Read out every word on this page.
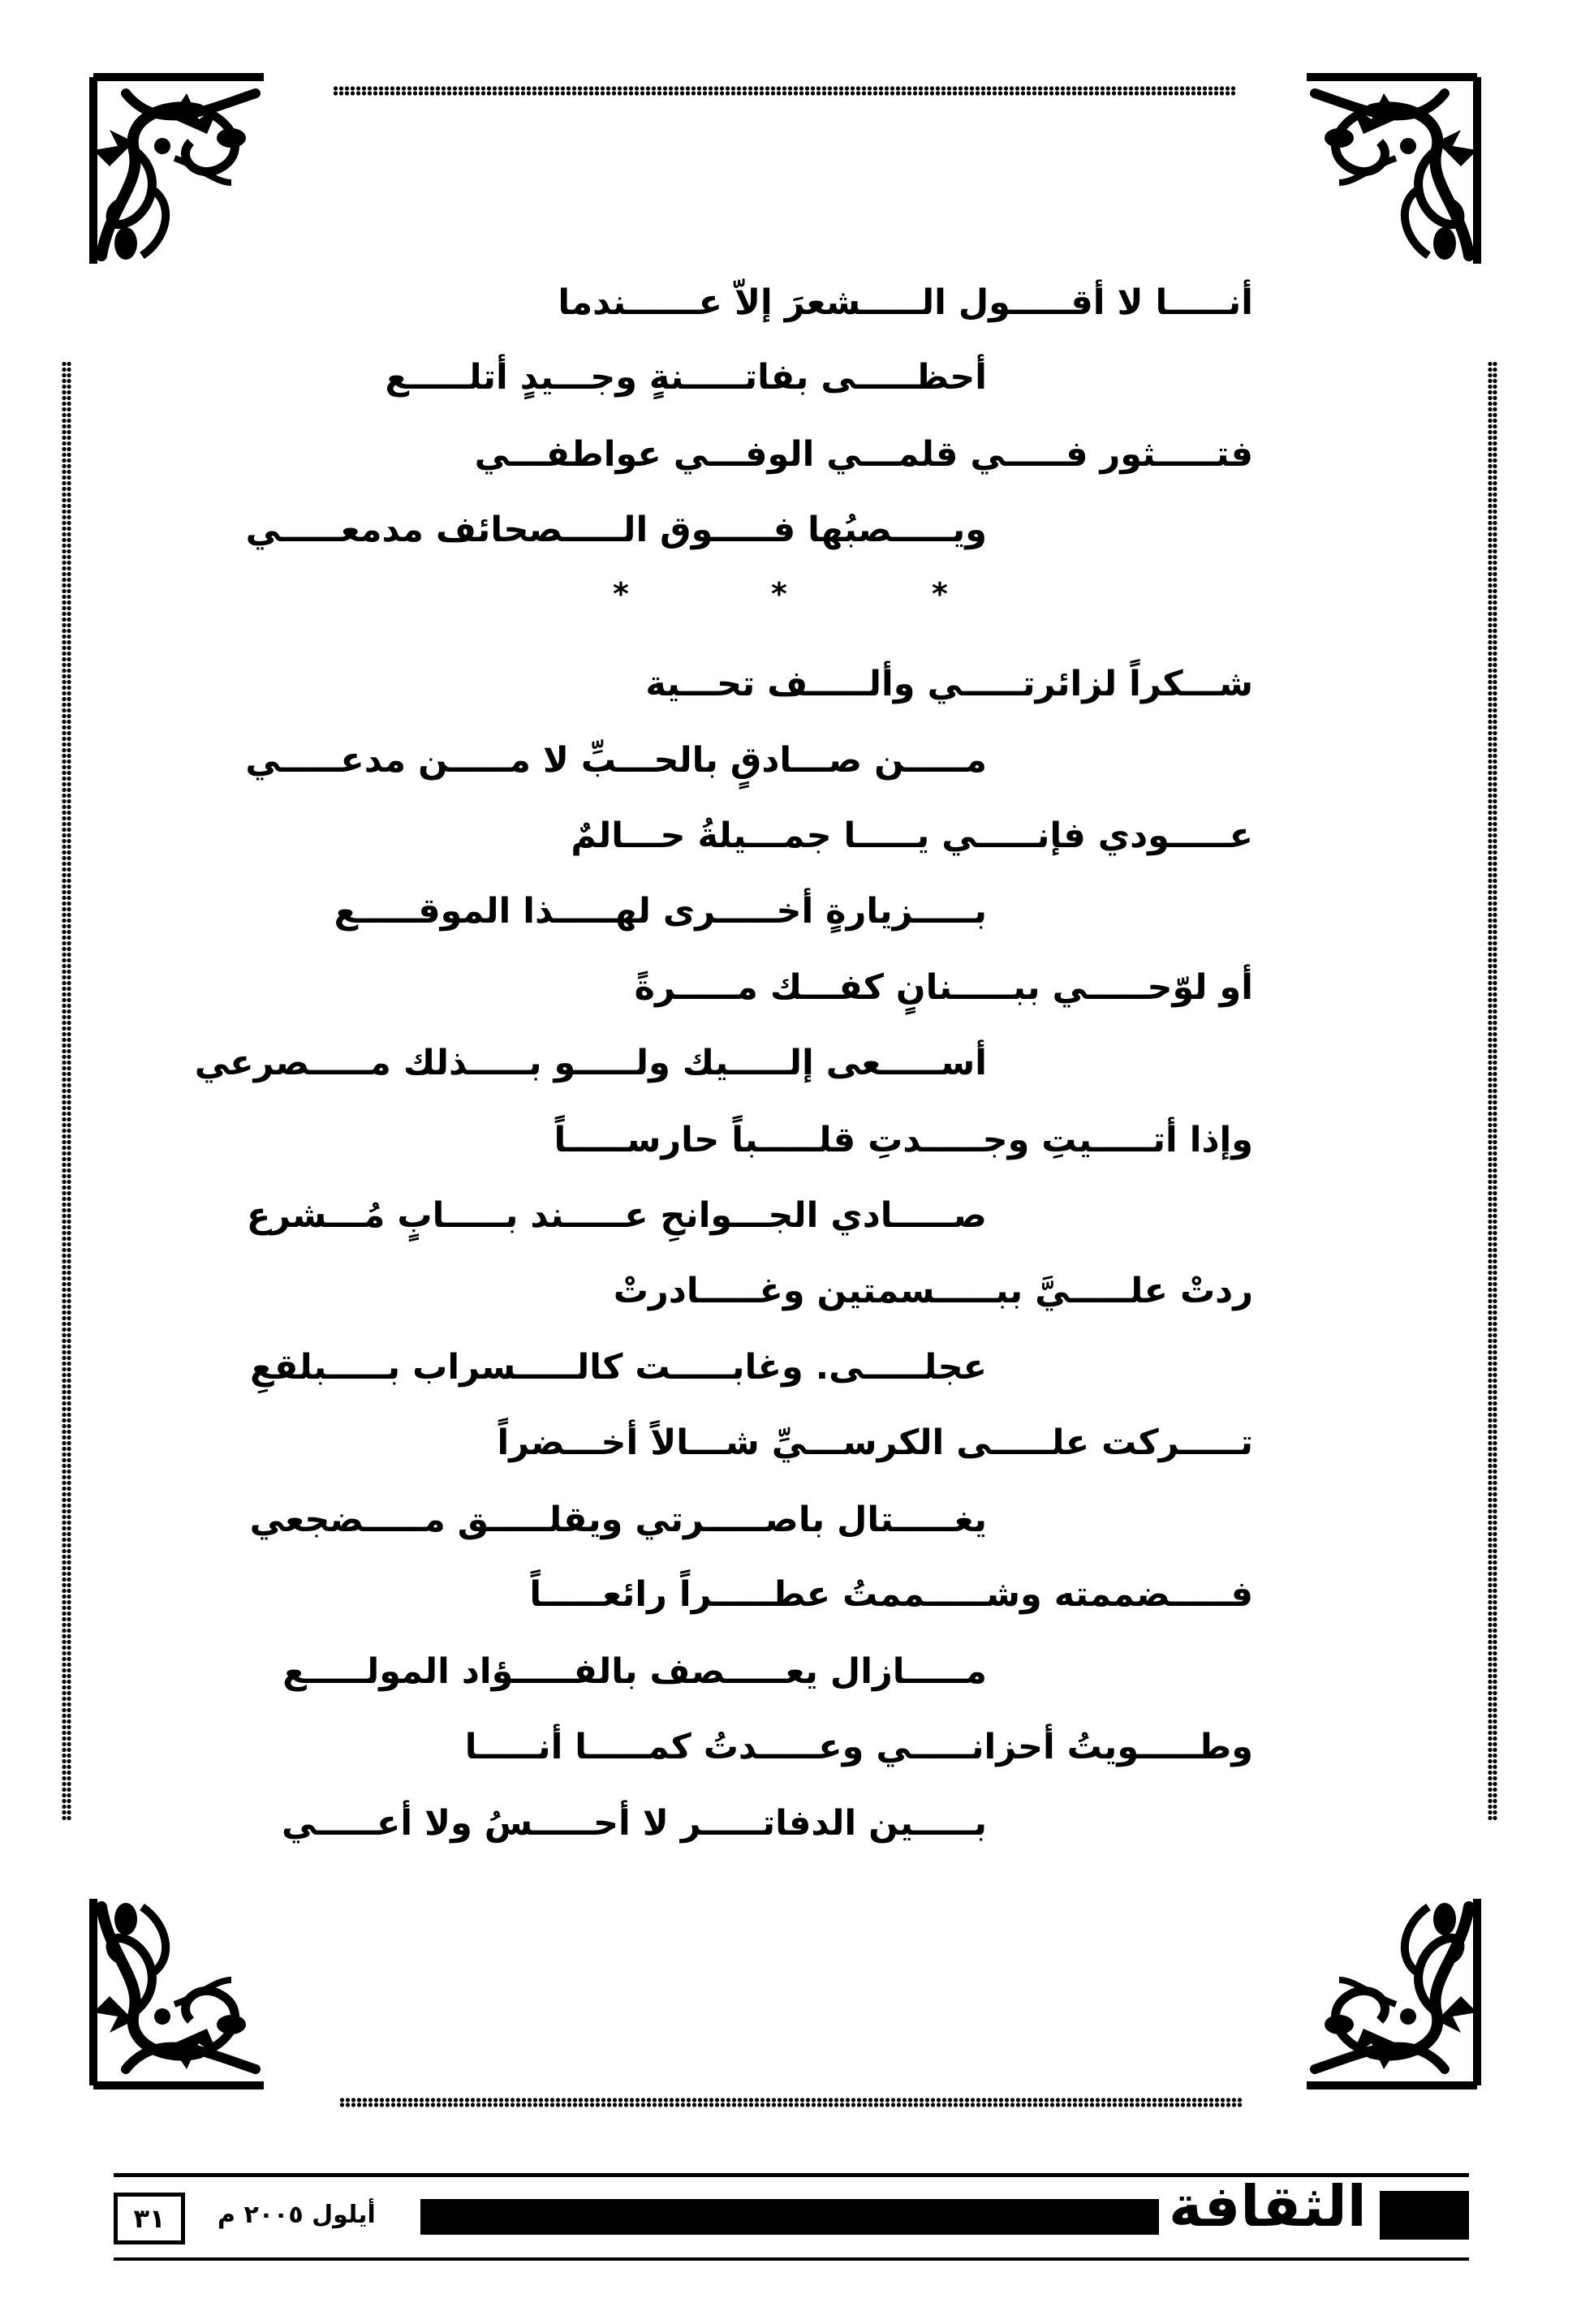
أنـــــا لا أقـــــول الـــــشعرَ إلاّ عــــــندما
أحظـــــى بفاتـــــنةٍ وجـــيدٍ أتلـــــع
فتـــــثور فـــــي قلمـــي الوفـــي عواطفـــي
ويـــــصبُها فـــــوق الـــــصحائف مدمعـــــي
*	*	*
شـــكراً لزائرتـــــي وألـــــف تحـــية
مـــــن صـــادقٍ بالحـــبِّ لا مـــــن مدعـــــي
عـــــودي فإنـــــي يـــــا جمـــيلةُ حـــالمٌ
بـــــزيارةٍ أخـــــرى لهـــــذا الموقـــــع
أو لوّحـــــي ببـــــنانٍ كفـــك مـــــرةً
أســـــعى إلـــــيك ولـــــو بـــــذلك مـــــصرعي
وإذا أتـــــيتِ وجـــــدتِ قلـــــباً حارســـــاً
صـــــادي الجـــوانحِ عـــــند بـــــابٍ مُـــشرع
ردتْ علـــــيَّ ببـــــسمتين وغـــــادرتْ
عجلـــــى. وغابـــــت كالـــــسراب بـــــبلقعِ
تـــــركت علـــــى الكرســـيِّ شـــالاً أخـــضراً
يغـــــتال باصـــــرتي ويقلـــــق مـــــضجعي
فـــــضممته وشـــــممتُ عطـــــراً رائعـــــاً
مـــــازال يعـــــصف بالفـــــؤاد المولـــــع
وطـــــويتُ أحزانـــــي وعـــــدتُ كمـــــا أنـــــا
بـــــين الدفاتـــــر لا أحـــــسُ ولا أعـــــي
٣١ أيلول ٢٠٠٥ م	الثقافة
